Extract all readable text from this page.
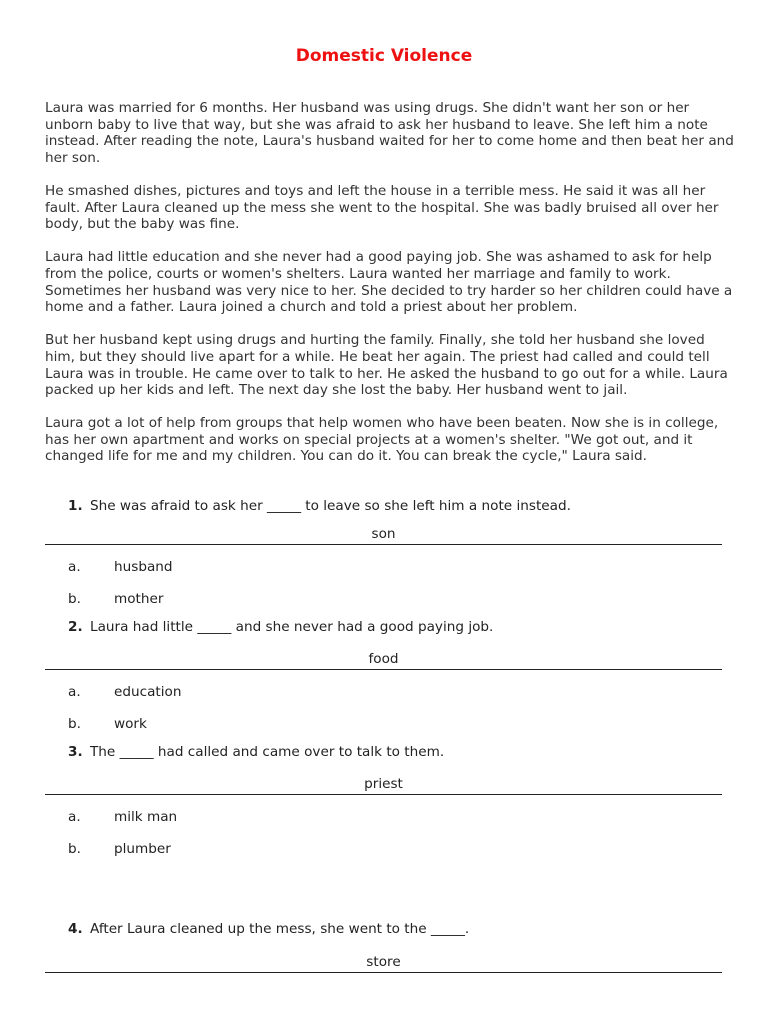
Domestic Violence

Laura was married for 6 months. Her husband was using drugs. She didn't want her son or her unborn baby to live that way, but she was afraid to ask her husband to leave. She left him a note instead. After reading the note, Laura's husband waited for her to come home and then beat her and her son.

He smashed dishes, pictures and toys and left the house in a terrible mess. He said it was all her fault. After Laura cleaned up the mess she went to the hospital. She was badly bruised all over her body, but the baby was fine.

Laura had little education and she never had a good paying job. She was ashamed to ask for help from the police, courts or women's shelters. Laura wanted her marriage and family to work. Sometimes her husband was very nice to her. She decided to try harder so her children could have a home and a father. Laura joined a church and told a priest about her problem.

But her husband kept using drugs and hurting the family. Finally, she told her husband she loved him, but they should live apart for a while. He beat her again. The priest had called and could tell Laura was in trouble. He came over to talk to her. He asked the husband to go out for a while. Laura packed up her kids and left. The next day she lost the baby. Her husband went to jail.

Laura got a lot of help from groups that help women who have been beaten. Now she is in college, has her own apartment and works on special projects at a women's shelter. "We got out, and it changed life for me and my children. You can do it. You can break the cycle," Laura said.

1. She was afraid to ask her _____ to leave so she left him a note instead.
son
a. husband
b. mother
2. Laura had little _____ and she never had a good paying job.
food
a. education
b. work
3. The _____ had called and came over to talk to them.
priest
a. milk man
b. plumber
4. After Laura cleaned up the mess, she went to the _____.
store
